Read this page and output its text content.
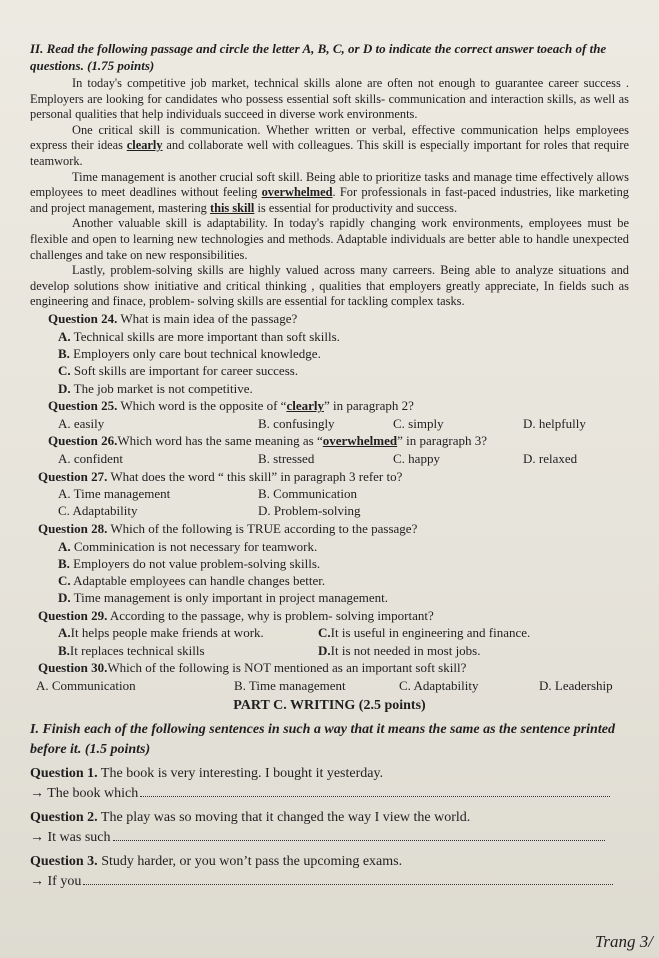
II. Read the following passage and circle the letter A, B, C, or D to indicate the correct answer toeach of the questions. (1.75 points)

In today's competitive job market, technical skills alone are often not enough to guarantee career success . Employers are looking for candidates who possess essential soft skills- communication and interaction skills, as well as personal qualities that help individuals succeed in diverse work environments.

One critical skill is communication. Whether written or verbal, effective communication helps employees express their ideas clearly and collaborate well with colleagues. This skill is especially important for roles that require teamwork.

Time management is another crucial soft skill. Being able to prioritize tasks and manage time effectively allows employees to meet deadlines without feeling overwhelmed. For professionals in fast-paced industries, like marketing and project management, mastering this skill is essential for productivity and success.

Another valuable skill is adaptability. In today's rapidly changing work environments, employees must be flexible and open to learning new technologies and methods. Adaptable individuals are better able to handle unexpected challenges and take on new responsibilities.

Lastly, problem-solving skills are highly valued across many carreers. Being able to analyze situations and develop solutions show initiative and critical thinking , qualities that employers greatly appreciate, In fields such as engineering and finace, problem- solving skills are essential for tackling complex tasks.

Question 24. What is main idea of the passage?

A. Technical skills are more important than soft skills.

B. Employers only care bout technical knowledge.

C. Soft skills are important for career success.

D. The job market is not competitive.

Question 25. Which word is the opposite of “clearly” in paragraph 2?

A. easily	B. confusingly	C. simply	D. helpfully

Question 26.Which word has the same meaning as “overwhelmed” in paragraph 3?

A. confident	B. stressed	C. happy	D. relaxed

Question 27. What does the word “ this skill” in paragraph 3 refer to?

A. Time management	B. Communication
C. Adaptability	D. Problem-solving

Question 28. Which of the following is TRUE according to the passage?

A. Comminication is not necessary for teamwork.

B. Employers do not value problem-solving skills.

C. Adaptable employees can handle changes better.

D. Time management is only important in project management.

Question 29. According to the passage, why is problem- solving important?

A.It helps people make friends at work.	C.It is useful in engineering and finance.
B.It replaces technical skills	D.It is not needed in most jobs.

Question 30.Which of the following is NOT mentioned as an important soft skill?

A. Communication	B. Time management	C. Adaptability	D. Leadership

PART C. WRITING (2.5 points)

I. Finish each of the following sentences in such a way that it means the same as the sentence printed before it. (1.5 points)

Question 1. The book is very interesting. I bought it yesterday.

→ The book which

Question 2. The play was so moving that it changed the way I view the world.

→ It was such

Question 3. Study harder, or you won’t pass the upcoming exams.

→ If you
Trang 3/
